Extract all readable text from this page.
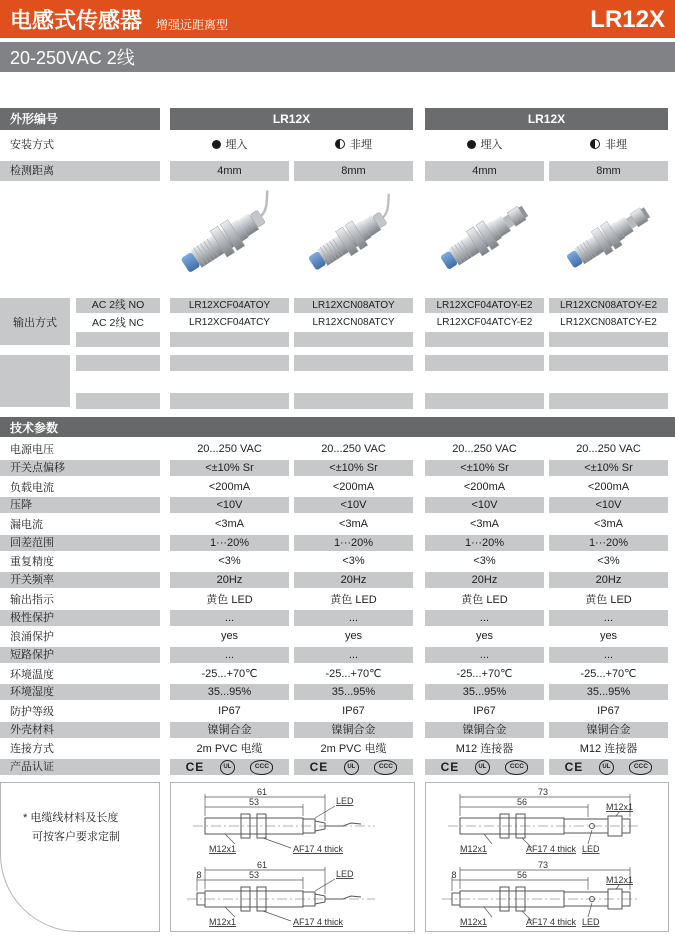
电感式传感器	增强远距离型	LR12X
20-250VAC 2线
外形编号	LR12X	LR12X
安装方式	埋入	非埋	埋入	非埋
检测距离	4mm	8mm	4mm	8mm
输出方式
AC 2线 NO	LR12XCF04ATOY	LR12XCN08ATOY	LR12XCF04ATOY-E2	LR12XCN08ATOY-E2
AC 2线 NC	LR12XCF04ATCY	LR12XCN08ATCY	LR12XCF04ATCY-E2	LR12XCN08ATCY-E2
技术参数
电源电压	20...250 VAC	20...250 VAC	20...250 VAC	20...250 VAC
开关点偏移	<±10% Sr	<±10% Sr	<±10% Sr	<±10% Sr
负载电流	<200mA	<200mA	<200mA	<200mA
压降	<10V	<10V	<10V	<10V
漏电流	<3mA	<3mA	<3mA	<3mA
回差范围	1···20%	1···20%	1···20%	1···20%
重复精度	<3%	<3%	<3%	<3%
开关频率	20Hz	20Hz	20Hz	20Hz
输出指示	黄色 LED	黄色 LED	黄色 LED	黄色 LED
极性保护	...	...	...	...
浪涌保护	yes	yes	yes	yes
短路保护	...	...	...	...
环境温度	-25...+70℃	-25...+70℃	-25...+70℃	-25...+70℃
环境湿度	35...95%	35...95%	35...95%	35...95%
防护等级	IP67	IP67	IP67	IP67
外壳材料	镍铜合金	镍铜合金	镍铜合金	镍铜合金
连接方式	2m PVC 电缆	2m PVC 电缆	M12 连接器	M12 连接器
产品认证	CE	UL	CCC	CE	UL	CCC	CE	UL	CCC	CE	UL	CCC
* 电缆线材料及长度
可按客户要求定制
61
53	LED
M12x1	AF17 4 thick
61
53
8	LED
M12x1	AF17 4 thick
73
56	M12x1
M12x1	AF17 4 thick LED
73
56
8	M12x1
M12x1	AF17 4 thick LED
